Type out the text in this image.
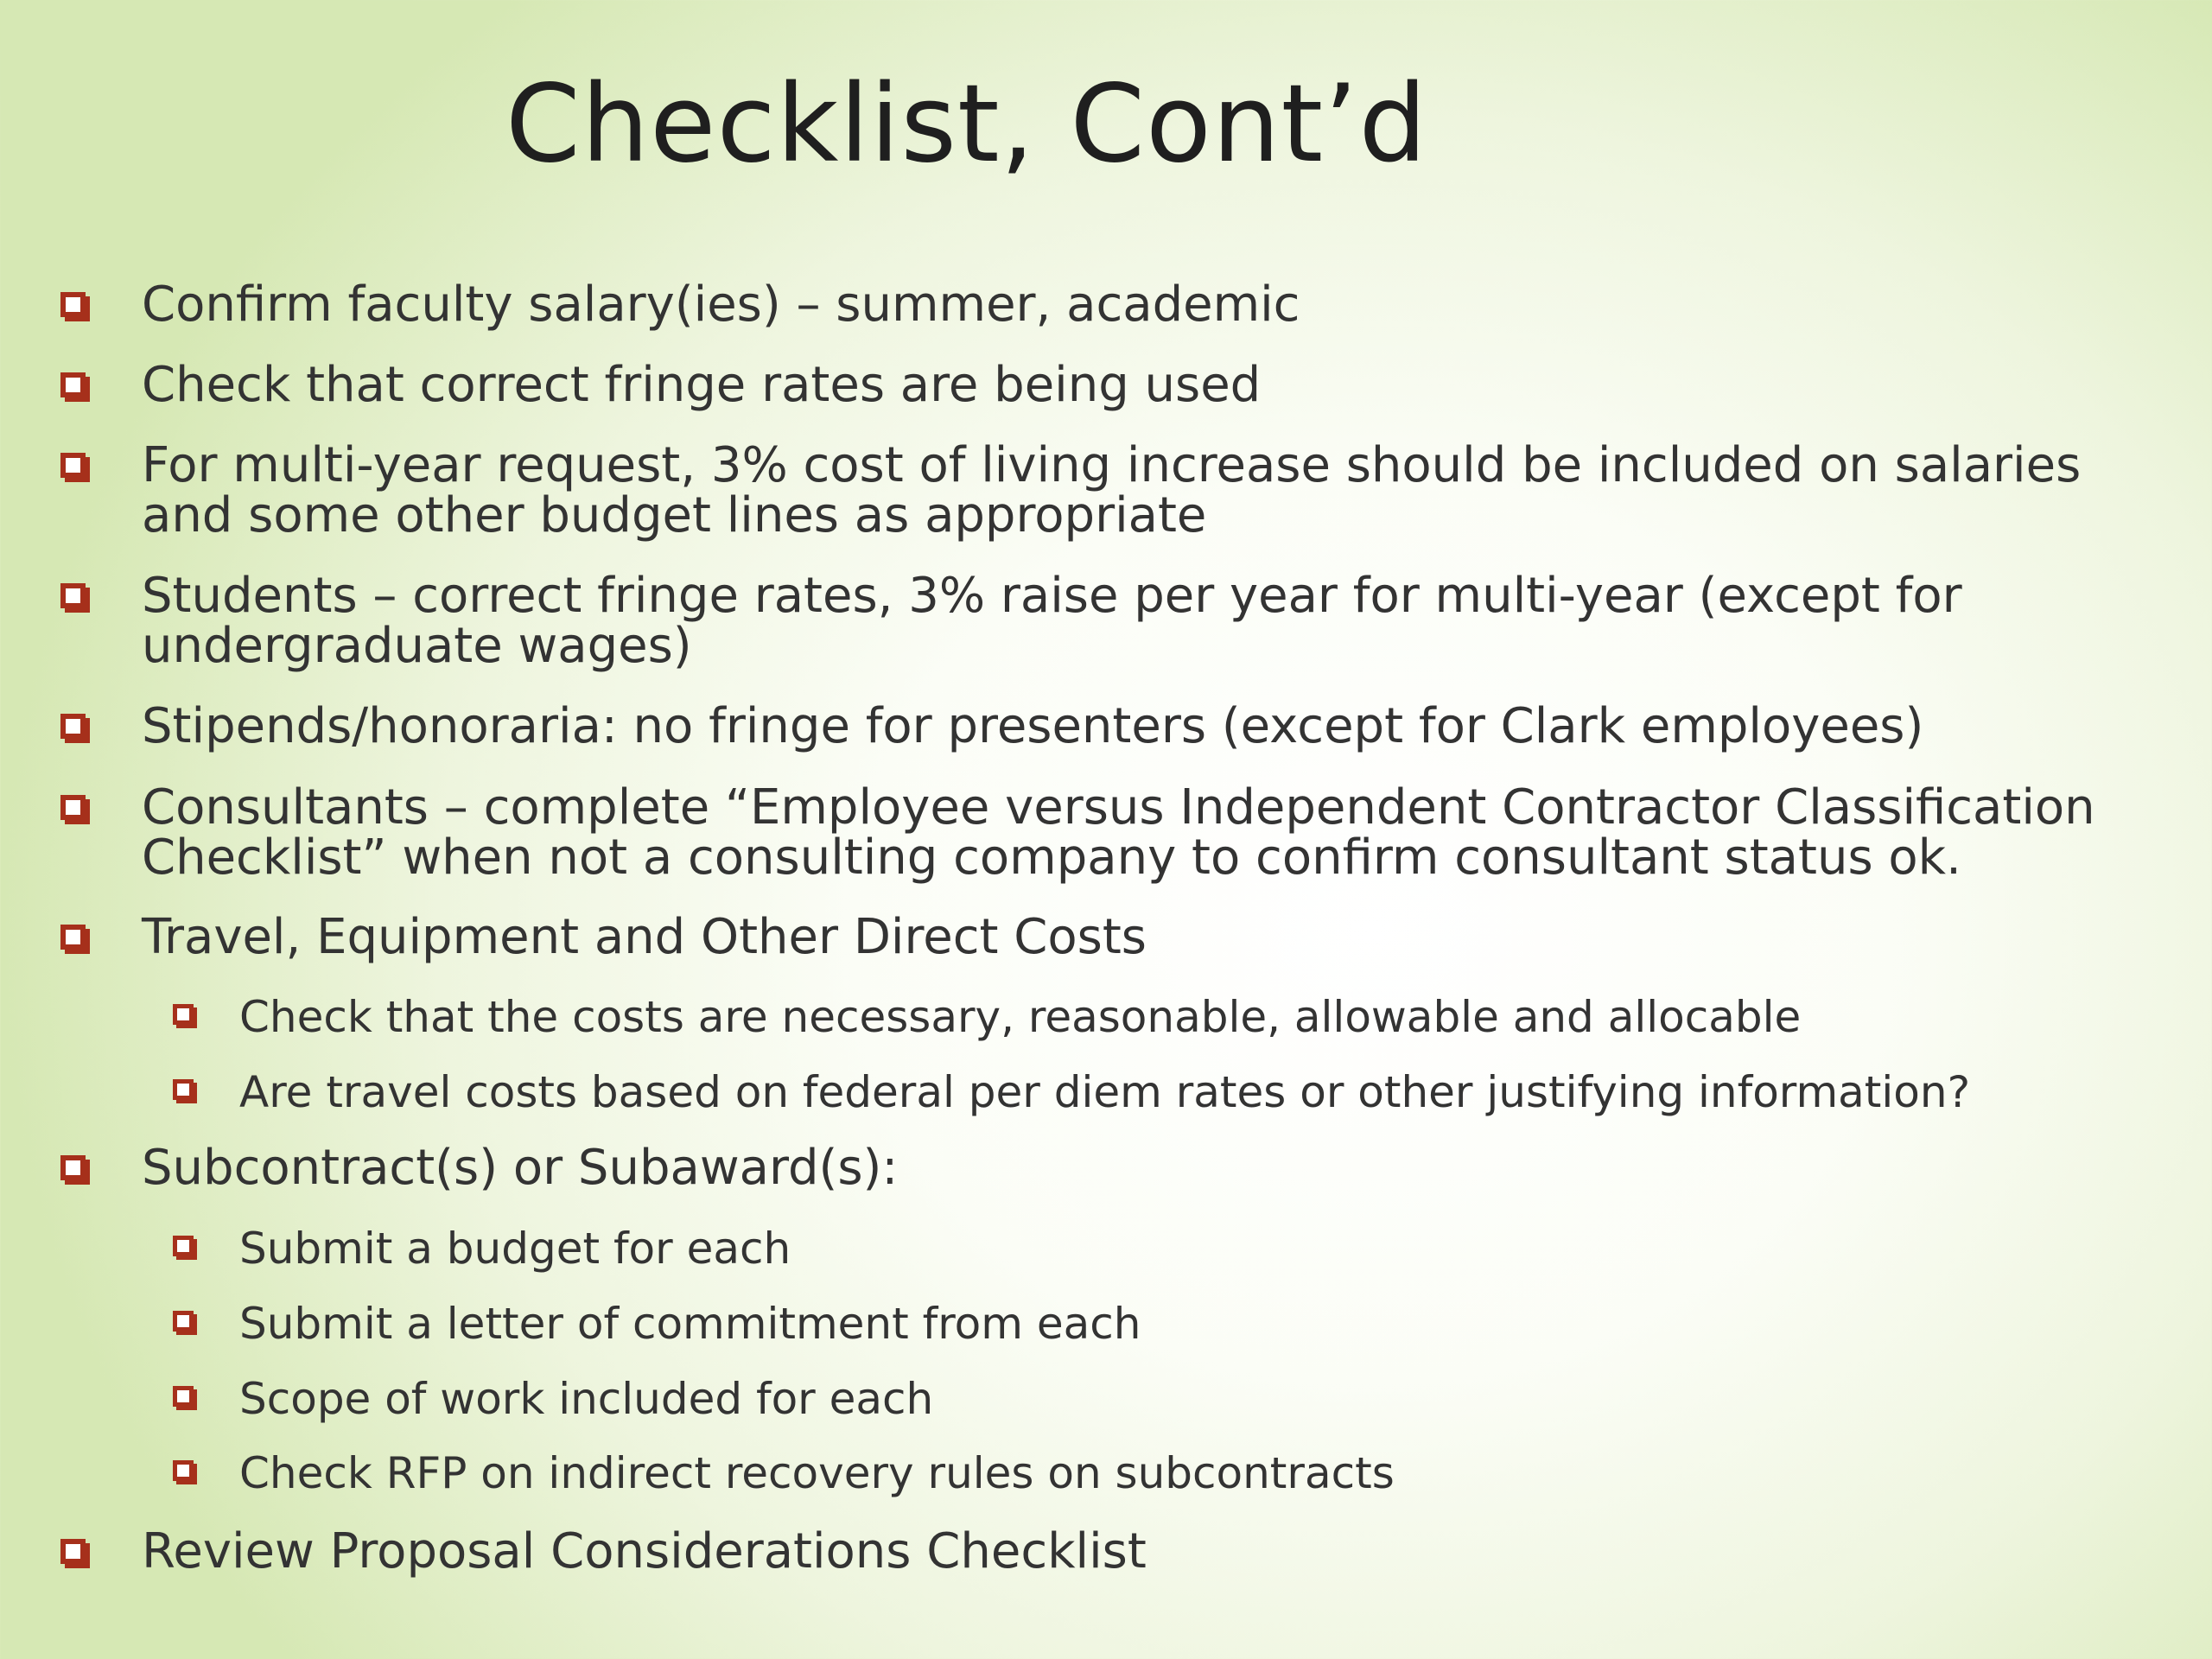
Checklist, Cont’d
Confirm faculty salary(ies) – summer, academic
Check that correct fringe rates are being used
For multi-year request, 3% cost of living increase should be included on salaries
and some other budget lines as appropriate
Students – correct fringe rates, 3% raise per year for multi-year (except for
undergraduate wages)
Stipends/honoraria: no fringe for presenters (except for Clark employees)
Consultants – complete “Employee versus Independent Contractor Classification
Checklist” when not a consulting company to confirm consultant status ok.
Travel, Equipment and Other Direct Costs
Check that the costs are necessary, reasonable, allowable and allocable
Are travel costs based on federal per diem rates or other justifying information?
Subcontract(s) or Subaward(s):
Submit a budget for each
Submit a letter of commitment from each
Scope of work included for each
Check RFP on indirect recovery rules on subcontracts
Review Proposal Considerations Checklist
